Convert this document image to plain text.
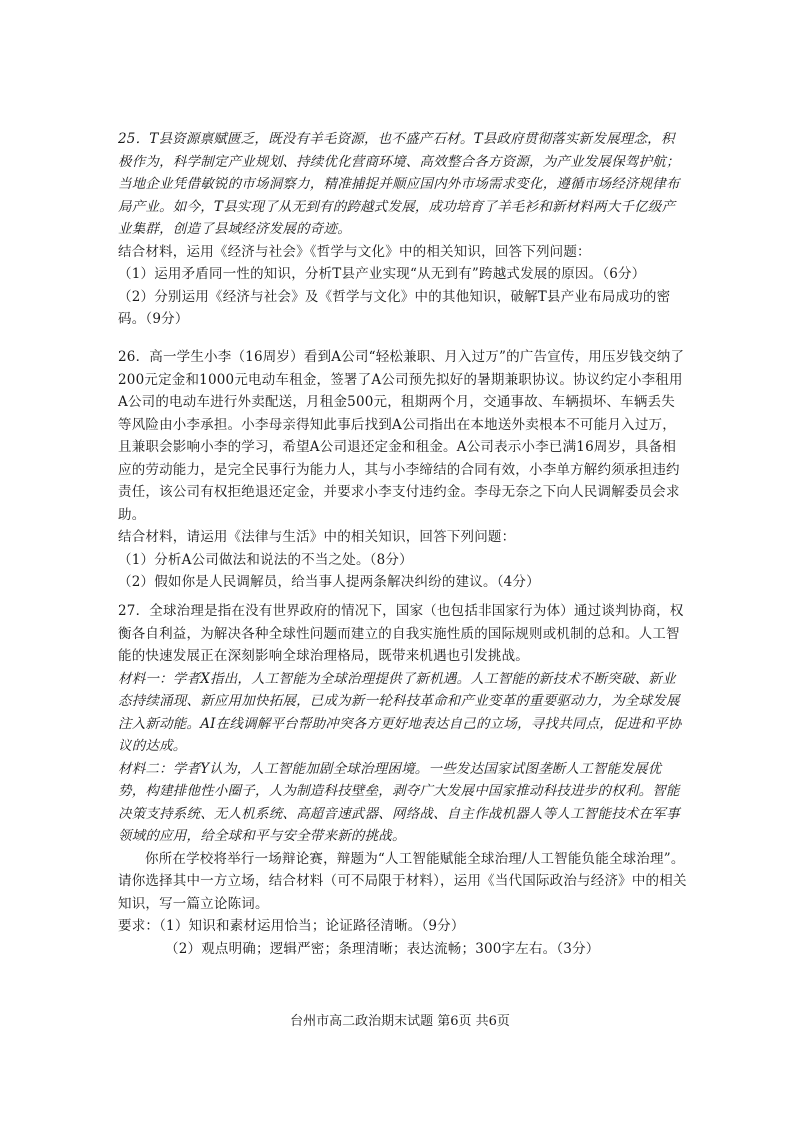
25．T县资源禀赋匮乏，既没有羊毛资源，也不盛产石材。T县政府贯彻落实新发展理念，积极作为，科学制定产业规划、持续优化营商环境、高效整合各方资源，为产业发展保驾护航；当地企业凭借敏锐的市场洞察力，精准捕捉并顺应国内外市场需求变化，遵循市场经济规律布局产业。如今，T县实现了从无到有的跨越式发展，成功培育了羊毛衫和新材料两大千亿级产业集群，创造了县域经济发展的奇迹。

结合材料，运用《经济与社会》《哲学与文化》中的相关知识，回答下列问题：

（1）运用矛盾同一性的知识，分析T县产业实现“从无到有”跨越式发展的原因。（6分）

（2）分别运用《经济与社会》及《哲学与文化》中的其他知识，破解T县产业布局成功的密码。（9分）

26．高一学生小李（16周岁）看到A公司“轻松兼职、月入过万”的广告宣传，用压岁钱交纳了200元定金和1000元电动车租金，签署了A公司预先拟好的暑期兼职协议。协议约定小李租用A公司的电动车进行外卖配送，月租金500元，租期两个月，交通事故、车辆损坏、车辆丢失等风险由小李承担。小李母亲得知此事后找到A公司指出在本地送外卖根本不可能月入过万，且兼职会影响小李的学习，希望A公司退还定金和租金。A公司表示小李已满16周岁，具备相应的劳动能力，是完全民事行为能力人，其与小李缔结的合同有效，小李单方解约须承担违约责任，该公司有权拒绝退还定金，并要求小李支付违约金。李母无奈之下向人民调解委员会求助。

结合材料，请运用《法律与生活》中的相关知识，回答下列问题：

（1）分析A公司做法和说法的不当之处。（8分）

（2）假如你是人民调解员，给当事人提两条解决纠纷的建议。（4分）

27．全球治理是指在没有世界政府的情况下，国家（也包括非国家行为体）通过谈判协商，权衡各自利益，为解决各种全球性问题而建立的自我实施性质的国际规则或机制的总和。人工智能的快速发展正在深刻影响全球治理格局，既带来机遇也引发挑战。

材料一：学者X指出，人工智能为全球治理提供了新机遇。人工智能的新技术不断突破、新业态持续涌现、新应用加快拓展，已成为新一轮科技革命和产业变革的重要驱动力，为全球发展注入新动能。AI在线调解平台帮助冲突各方更好地表达自己的立场，寻找共同点，促进和平协议的达成。

材料二：学者Y认为，人工智能加剧全球治理困境。一些发达国家试图垄断人工智能发展优势，构建排他性小圈子，人为制造科技壁垒，剥夺广大发展中国家推动科技进步的权利。智能决策支持系统、无人机系统、高超音速武器、网络战、自主作战机器人等人工智能技术在军事领域的应用，给全球和平与安全带来新的挑战。

你所在学校将举行一场辩论赛，辩题为“人工智能赋能全球治理/人工智能负能全球治理”。请你选择其中一方立场，结合材料（可不局限于材料），运用《当代国际政治与经济》中的相关知识，写一篇立论陈词。

要求：（1）知识和素材运用恰当；论证路径清晰。（9分）

（2）观点明确；逻辑严密；条理清晰；表达流畅；300字左右。（3分）

台州市高二政治期末试题 第6页 共6页
